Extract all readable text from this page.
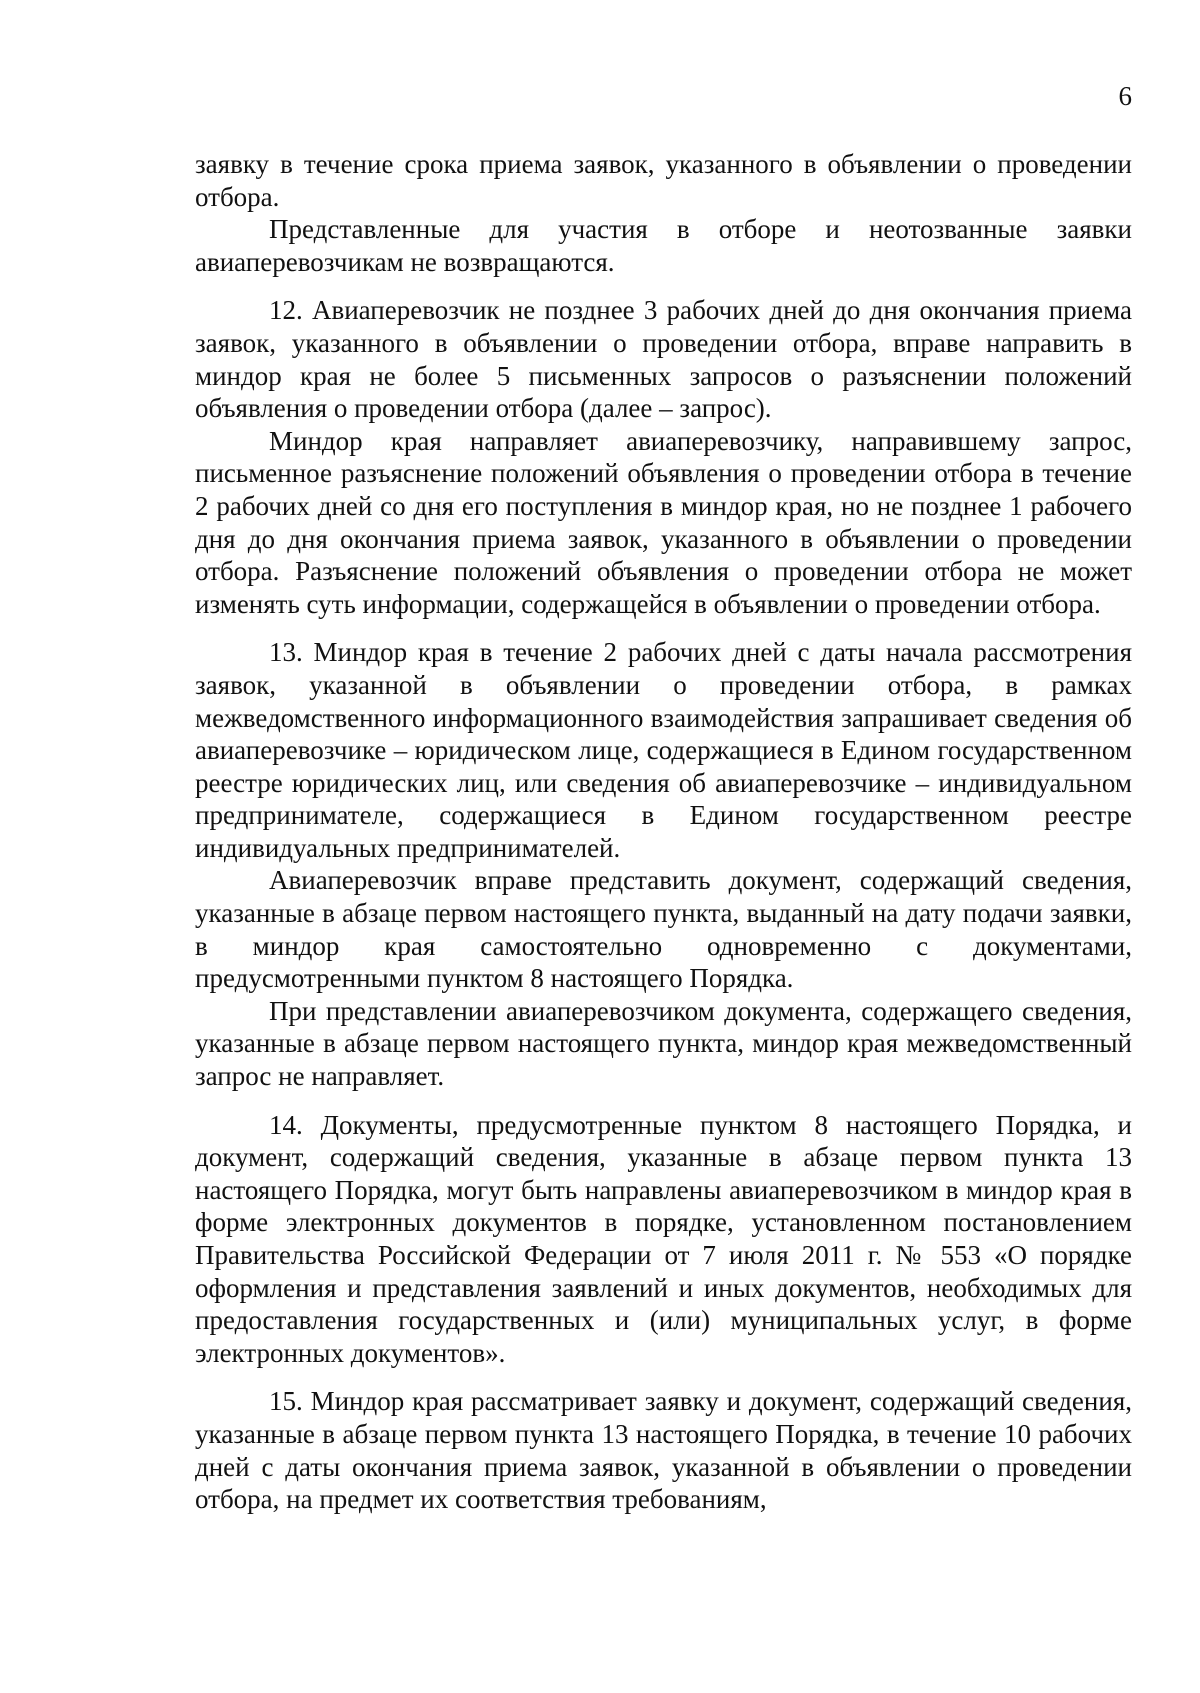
6

заявку в течение срока приема заявок, указанного в объявлении о проведении отбора.

Представленные для участия в отборе и неотозванные заявки авиаперевозчикам не возвращаются.

12. Авиаперевозчик не позднее 3 рабочих дней до дня окончания приема заявок, указанного в объявлении о проведении отбора, вправе направить в миндор края не более 5 письменных запросов о разъяснении положений объявления о проведении отбора (далее – запрос).

Миндор края направляет авиаперевозчику, направившему запрос, письменное разъяснение положений объявления о проведении отбора в течение 2 рабочих дней со дня его поступления в миндор края, но не позднее 1 рабочего дня до дня окончания приема заявок, указанного в объявлении о проведении отбора. Разъяснение положений объявления о проведении отбора не может изменять суть информации, содержащейся в объявлении о проведении отбора.

13. Миндор края в течение 2 рабочих дней с даты начала рассмотрения заявок, указанной в объявлении о проведении отбора, в рамках межведомственного информационного взаимодействия запрашивает сведения об авиаперевозчике – юридическом лице, содержащиеся в Едином государственном реестре юридических лиц, или сведения об авиаперевозчике – индивидуальном предпринимателе, содержащиеся в Едином государственном реестре индивидуальных предпринимателей.

Авиаперевозчик вправе представить документ, содержащий сведения, указанные в абзаце первом настоящего пункта, выданный на дату подачи заявки, в миндор края самостоятельно одновременно с документами, предусмотренными пунктом 8 настоящего Порядка.

При представлении авиаперевозчиком документа, содержащего сведения, указанные в абзаце первом настоящего пункта, миндор края межведомственный запрос не направляет.

14. Документы, предусмотренные пунктом 8 настоящего Порядка, и документ, содержащий сведения, указанные в абзаце первом пункта 13 настоящего Порядка, могут быть направлены авиаперевозчиком в миндор края в форме электронных документов в порядке, установленном постановлением Правительства Российской Федерации от 7 июля 2011 г. № 553 «О порядке оформления и представления заявлений и иных документов, необходимых для предоставления государственных и (или) муниципальных услуг, в форме электронных документов».

15. Миндор края рассматривает заявку и документ, содержащий сведения, указанные в абзаце первом пункта 13 настоящего Порядка, в течение 10 рабочих дней с даты окончания приема заявок, указанной в объявлении о проведении отбора, на предмет их соответствия требованиям,
